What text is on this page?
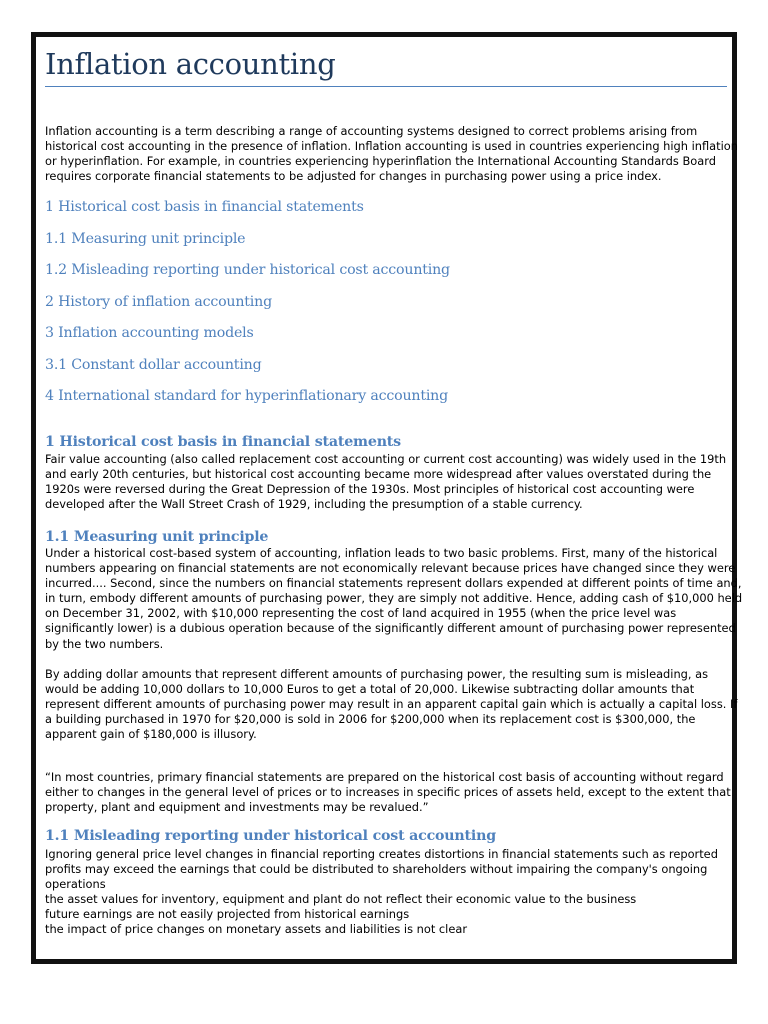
Inflation accounting

Inflation accounting is a term describing a range of accounting systems designed to correct problems arising from
historical cost accounting in the presence of inflation. Inflation accounting is used in countries experiencing high inflation
or hyperinflation. For example, in countries experiencing hyperinflation the International Accounting Standards Board
requires corporate financial statements to be adjusted for changes in purchasing power using a price index.

1 Historical cost basis in financial statements

1.1 Measuring unit principle

1.2 Misleading reporting under historical cost accounting

2 History of inflation accounting

3 Inflation accounting models

3.1 Constant dollar accounting

4 International standard for hyperinflationary accounting

1 Historical cost basis in financial statements

Fair value accounting (also called replacement cost accounting or current cost accounting) was widely used in the 19th
and early 20th centuries, but historical cost accounting became more widespread after values overstated during the
1920s were reversed during the Great Depression of the 1930s. Most principles of historical cost accounting were
developed after the Wall Street Crash of 1929, including the presumption of a stable currency.

1.1 Measuring unit principle

Under a historical cost-based system of accounting, inflation leads to two basic problems. First, many of the historical
numbers appearing on financial statements are not economically relevant because prices have changed since they were
incurred.... Second, since the numbers on financial statements represent dollars expended at different points of time and,
in turn, embody different amounts of purchasing power, they are simply not additive. Hence, adding cash of $10,000 held
on December 31, 2002, with $10,000 representing the cost of land acquired in 1955 (when the price level was
significantly lower) is a dubious operation because of the significantly different amount of purchasing power represented
by the two numbers.

By adding dollar amounts that represent different amounts of purchasing power, the resulting sum is misleading, as
would be adding 10,000 dollars to 10,000 Euros to get a total of 20,000. Likewise subtracting dollar amounts that
represent different amounts of purchasing power may result in an apparent capital gain which is actually a capital loss. If
a building purchased in 1970 for $20,000 is sold in 2006 for $200,000 when its replacement cost is $300,000, the
apparent gain of $180,000 is illusory.

“In most countries, primary financial statements are prepared on the historical cost basis of accounting without regard
either to changes in the general level of prices or to increases in specific prices of assets held, except to the extent that
property, plant and equipment and investments may be revalued.”

1.1 Misleading reporting under historical cost accounting

Ignoring general price level changes in financial reporting creates distortions in financial statements such as reported
profits may exceed the earnings that could be distributed to shareholders without impairing the company's ongoing
operations
the asset values for inventory, equipment and plant do not reflect their economic value to the business
future earnings are not easily projected from historical earnings
the impact of price changes on monetary assets and liabilities is not clear
